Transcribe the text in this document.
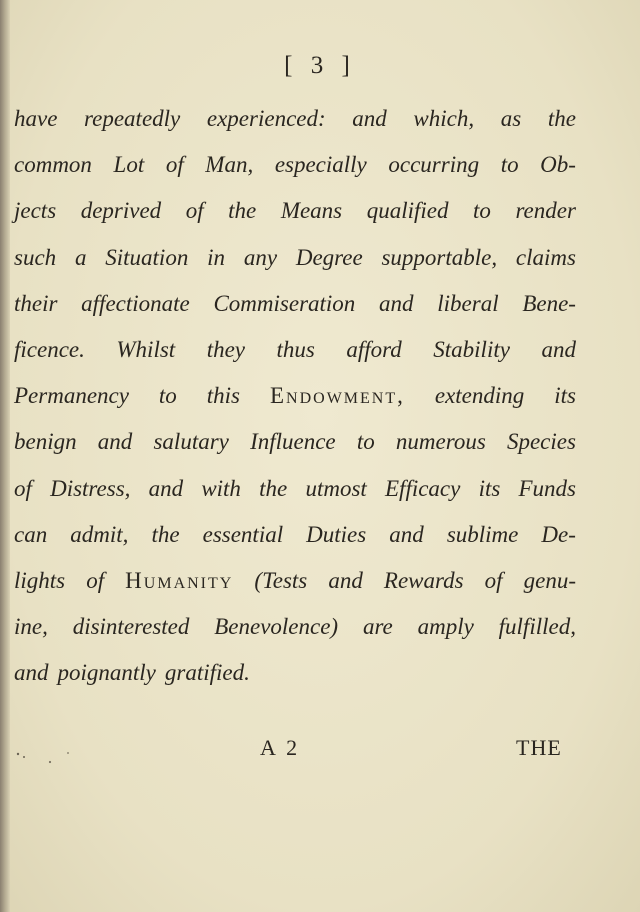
[ 3 ]
have repeatedly experienced: and which, as the
common Lot of Man, especially occurring to Ob-
jects deprived of the Means qualified to render
such a Situation in any Degree supportable, claims
their affectionate Commiseration and liberal Bene-
ficence. Whilst they thus afford Stability and
Permanency to this Endowment, extending its
benign and salutary Influence to numerous Species
of Distress, and with the utmost Efficacy its Funds
can admit, the essential Duties and sublime De-
lights of Humanity (Tests and Rewards of genu-
ine, disinterested Benevolence) are amply fulfilled,
and poignantly gratified.
A 2	THE
